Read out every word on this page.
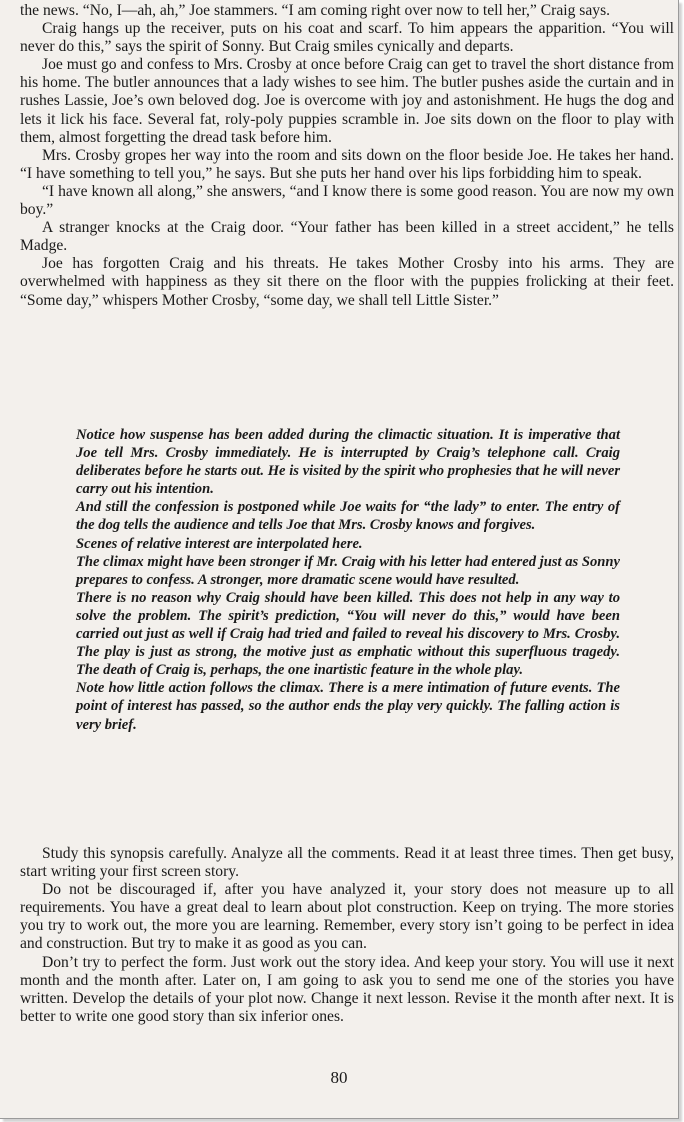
the news. “No, I—ah, ah,” Joe stammers. “I am coming right over now to tell her,” Craig says.

Craig hangs up the receiver, puts on his coat and scarf. To him appears the apparition. “You will never do this,” says the spirit of Sonny. But Craig smiles cynically and departs.

Joe must go and confess to Mrs. Crosby at once before Craig can get to travel the short distance from his home. The butler announces that a lady wishes to see him. The butler pushes aside the curtain and in rushes Lassie, Joe’s own beloved dog. Joe is overcome with joy and astonishment. He hugs the dog and lets it lick his face. Several fat, roly-poly puppies scramble in. Joe sits down on the floor to play with them, almost forgetting the dread task before him.

Mrs. Crosby gropes her way into the room and sits down on the floor beside Joe. He takes her hand. “I have something to tell you,” he says. But she puts her hand over his lips forbidding him to speak.

“I have known all along,” she answers, “and I know there is some good reason. You are now my own boy.”

A stranger knocks at the Craig door. “Your father has been killed in a street accident,” he tells Madge.

Joe has forgotten Craig and his threats. He takes Mother Crosby into his arms. They are overwhelmed with happiness as they sit there on the floor with the puppies frolicking at their feet. “Some day,” whispers Mother Crosby, “some day, we shall tell Little Sister.”

Notice how suspense has been added during the climactic situation. It is imperative that Joe tell Mrs. Crosby immediately. He is interrupted by Craig’s telephone call. Craig deliberates before he starts out. He is visited by the spirit who prophesies that he will never carry out his intention.

And still the confession is postponed while Joe waits for “the lady” to enter. The entry of the dog tells the audience and tells Joe that Mrs. Crosby knows and forgives.

Scenes of relative interest are interpolated here.

The climax might have been stronger if Mr. Craig with his letter had entered just as Sonny prepares to confess. A stronger, more dramatic scene would have resulted.

There is no reason why Craig should have been killed. This does not help in any way to solve the problem. The spirit’s prediction, “You will never do this,” would have been carried out just as well if Craig had tried and failed to reveal his discovery to Mrs. Crosby. The play is just as strong, the motive just as emphatic without this superfluous tragedy. The death of Craig is, perhaps, the one inartistic feature in the whole play.

Note how little action follows the climax. There is a mere intimation of future events. The point of interest has passed, so the author ends the play very quickly. The falling action is very brief.

Study this synopsis carefully. Analyze all the comments. Read it at least three times. Then get busy, start writing your first screen story.

Do not be discouraged if, after you have analyzed it, your story does not measure up to all requirements. You have a great deal to learn about plot construction. Keep on trying. The more stories you try to work out, the more you are learning. Remember, every story isn’t going to be perfect in idea and construction. But try to make it as good as you can.

Don’t try to perfect the form. Just work out the story idea. And keep your story. You will use it next month and the month after. Later on, I am going to ask you to send me one of the stories you have written. Develop the details of your plot now. Change it next lesson. Revise it the month after next. It is better to write one good story than six inferior ones.

80
